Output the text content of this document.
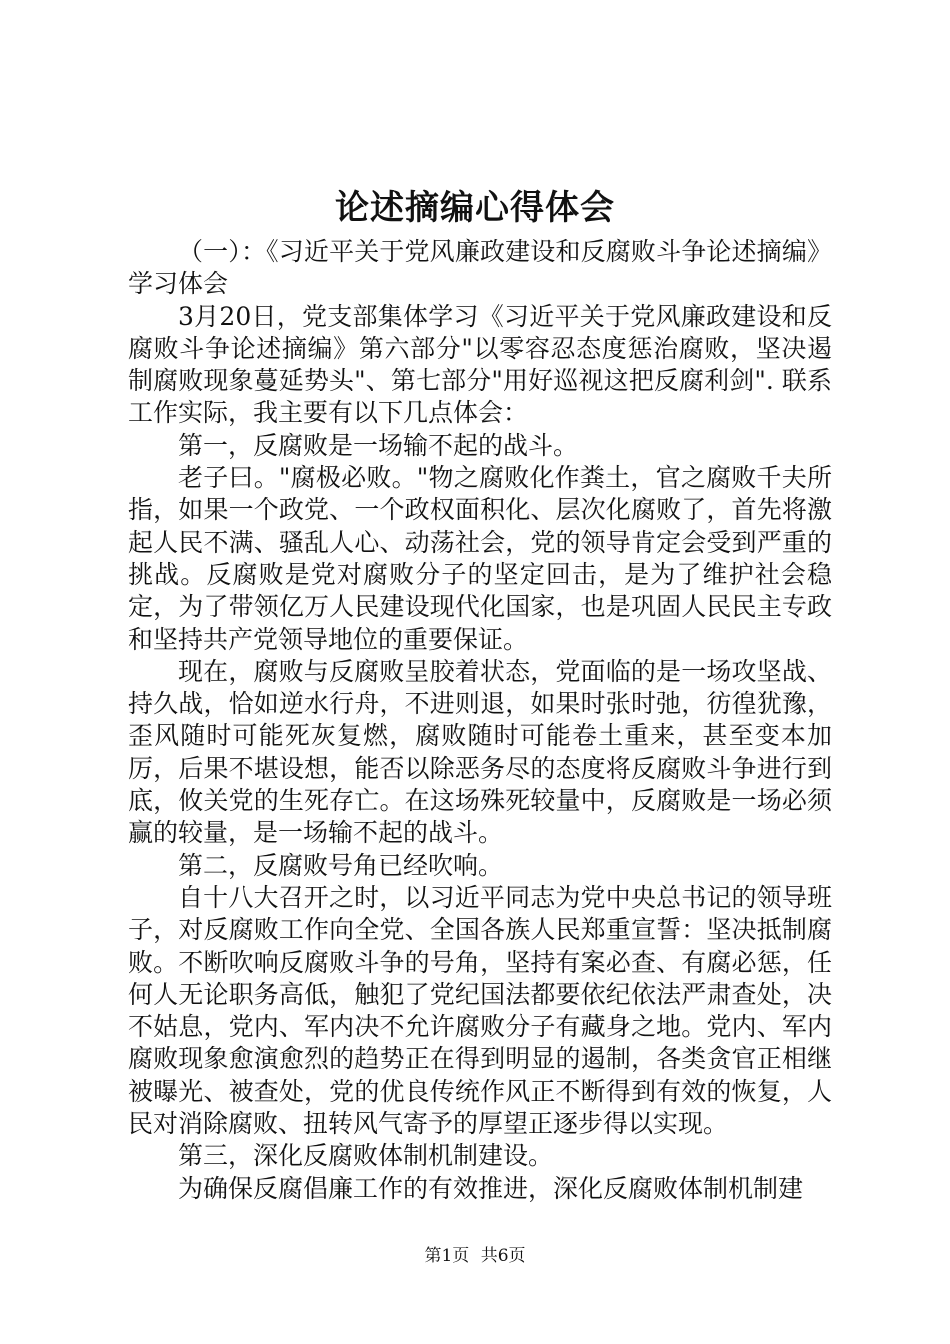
论述摘编心得体会

（一）：《习近平关于党风廉政建设和反腐败斗争论述摘编》学习体会

3月20日，党支部集体学习《习近平关于党风廉政建设和反腐败斗争论述摘编》第六部分"以零容忍态度惩治腐败，坚决遏制腐败现象蔓延势头"、第七部分"用好巡视这把反腐利剑". 联系工作实际，我主要有以下几点体会：

第一，反腐败是一场输不起的战斗。

老子曰。"腐极必败。"物之腐败化作粪土，官之腐败千夫所指，如果一个政党、一个政权面积化、层次化腐败了，首先将激起人民不满、骚乱人心、动荡社会，党的领导肯定会受到严重的挑战。反腐败是党对腐败分子的坚定回击，是为了维护社会稳定，为了带领亿万人民建设现代化国家，也是巩固人民民主专政和坚持共产党领导地位的重要保证。

现在，腐败与反腐败呈胶着状态，党面临的是一场攻坚战、持久战，恰如逆水行舟，不进则退，如果时张时弛，彷徨犹豫，歪风随时可能死灰复燃，腐败随时可能卷土重来，甚至变本加厉，后果不堪设想，能否以除恶务尽的态度将反腐败斗争进行到底，攸关党的生死存亡。在这场殊死较量中，反腐败是一场必须赢的较量，是一场输不起的战斗。

第二，反腐败号角已经吹响。

自十八大召开之时，以习近平同志为党中央总书记的领导班子，对反腐败工作向全党、全国各族人民郑重宣誓：坚决抵制腐败。不断吹响反腐败斗争的号角，坚持有案必查、有腐必惩，任何人无论职务高低，触犯了党纪国法都要依纪依法严肃查处，决不姑息，党内、军内决不允许腐败分子有藏身之地。党内、军内腐败现象愈演愈烈的趋势正在得到明显的遏制，各类贪官正相继被曝光、被查处，党的优良传统作风正不断得到有效的恢复，人民对消除腐败、扭转风气寄予的厚望正逐步得以实现。

第三，深化反腐败体制机制建设。

为确保反腐倡廉工作的有效推进，深化反腐败体制机制建

第1页 共6页
